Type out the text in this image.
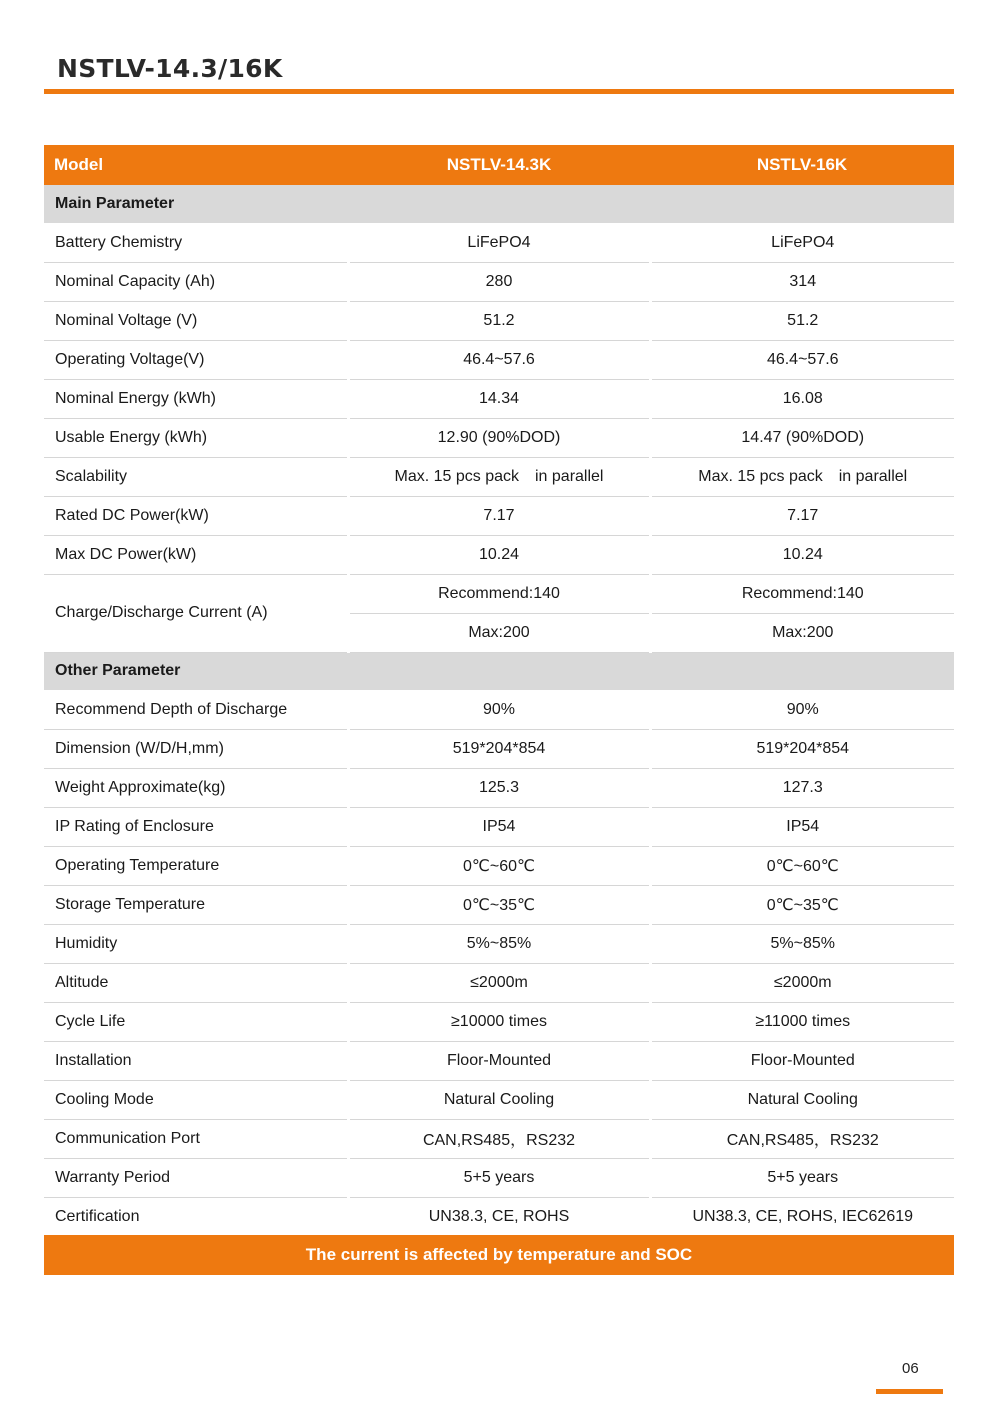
NSTLV-14.3/16K
Model	NSTLV-14.3K	NSTLV-16K
Main Parameter		
Battery Chemistry	LiFePO4	LiFePO4
Nominal Capacity (Ah)	280	314
Nominal Voltage (V)	51.2	51.2
Operating Voltage(V)	46.4~57.6	46.4~57.6
Nominal Energy (kWh)	14.34	16.08
Usable Energy (kWh)	12.90 (90%DOD)	14.47 (90%DOD)
Scalability	Max. 15 pcs pack in parallel	Max. 15 pcs pack in parallel
Rated DC Power(kW)	7.17	7.17
Max DC Power(kW)	10.24	10.24
Charge/Discharge Current (A)	Recommend:140	Recommend:140
	Max:200	Max:200
Other Parameter		
Recommend Depth of Discharge	90%	90%
Dimension (W/D/H,mm)	519*204*854	519*204*854
Weight Approximate(kg)	125.3	127.3
IP Rating of Enclosure	IP54	IP54
Operating Temperature	0℃~60℃	0℃~60℃
Storage Temperature	0℃~35℃	0℃~35℃
Humidity	5%~85%	5%~85%
Altitude	≤2000m	≤2000m
Cycle Life	≥10000 times	≥11000 times
Installation	Floor-Mounted	Floor-Mounted
Cooling Mode	Natural Cooling	Natural Cooling
Communication Port	CAN,RS485，RS232	CAN,RS485，RS232
Warranty Period	5+5 years	5+5 years
Certification	UN38.3, CE, ROHS	UN38.3, CE, ROHS, IEC62619
The current is affected by temperature and SOC
06
